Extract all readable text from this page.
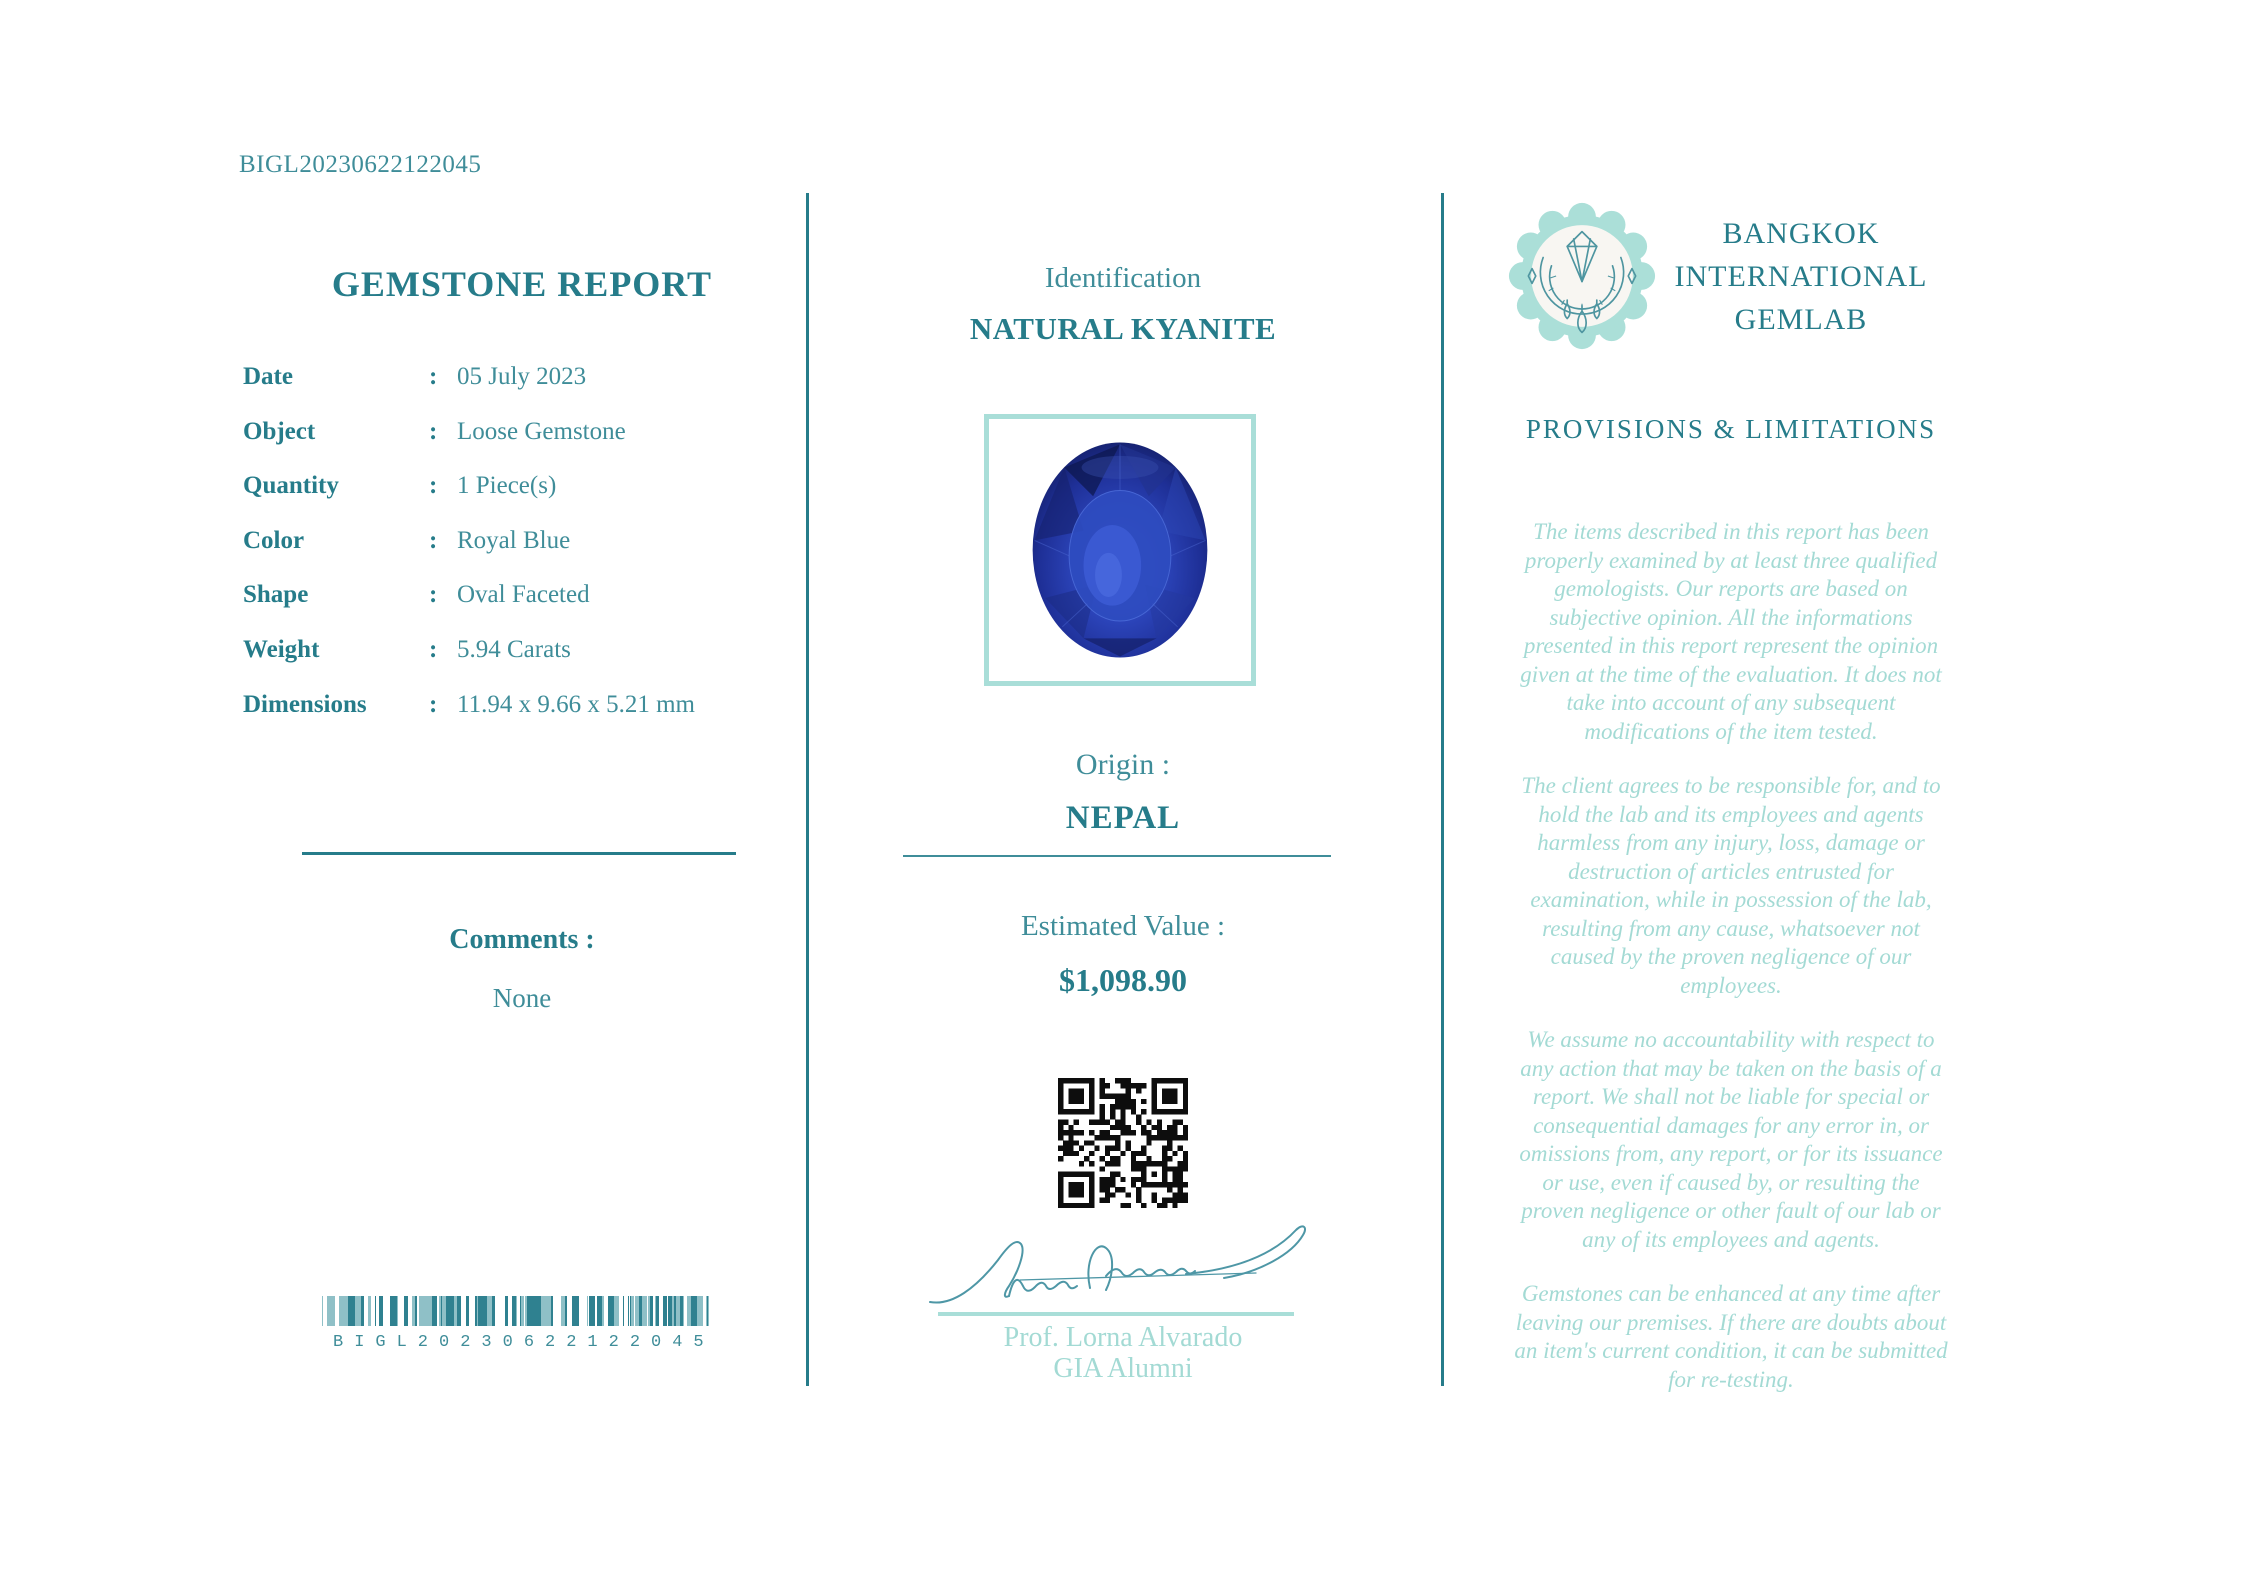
BIGL20230622122045
GEMSTONE REPORT
Date	: 05 July 2023
Object	: Loose Gemstone
Quantity	: 1 Piece(s)
Color	: Royal Blue
Shape	: Oval Faceted
Weight	: 5.94 Carats
Dimensions	: 11.94 x 9.66 x 5.21 mm
Comments :
None
BIGL20230622122045
Identification
NATURAL KYANITE
Origin :
NEPAL
Estimated Value :
$1,098.90
Prof. Lorna Alvarado
GIA Alumni
BANGKOK
INTERNATIONAL
GEMLAB
PROVISIONS & LIMITATIONS

The items described in this report has been properly examined by at least three qualified gemologists. Our reports are based on subjective opinion. All the informations presented in this report represent the opinion given at the time of the evaluation. It does not take into account of any subsequent modifications of the item tested.

The client agrees to be responsible for, and to hold the lab and its employees and agents harmless from any injury, loss, damage or destruction of articles entrusted for examination, while in possession of the lab, resulting from any cause, whatsoever not caused by the proven negligence of our employees.

We assume no accountability with respect to any action that may be taken on the basis of a report. We shall not be liable for special or consequential damages for any error in, or omissions from, any report, or for its issuance or use, even if caused by, or resulting the proven negligence or other fault of our lab or any of its employees and agents.

Gemstones can be enhanced at any time after leaving our premises. If there are doubts about an item's current condition, it can be submitted for re-testing.
